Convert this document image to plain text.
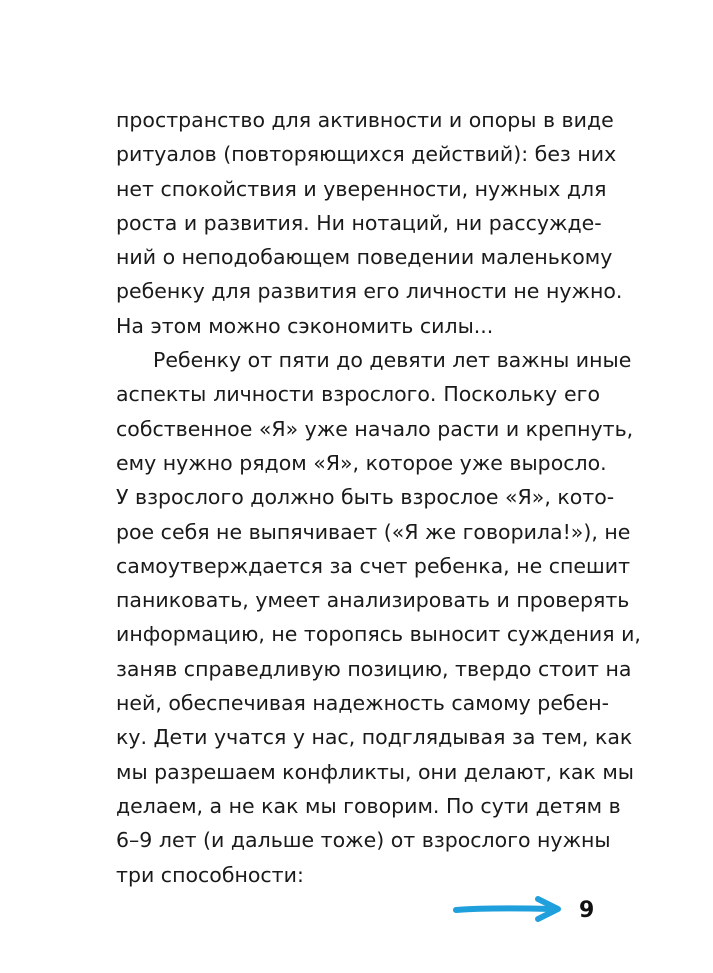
пространство для активности и опоры в виде
ритуалов (повторяющихся действий): без них
нет спокойствия и уверенности, нужных для
роста и развития. Ни нотаций, ни рассужде-
ний о неподобающем поведении маленькому
ребенку для развития его личности не нужно.
На этом можно сэкономить силы...
Ребенку от пяти до девяти лет важны иные
аспекты личности взрослого. Поскольку его
собственное «Я» уже начало расти и крепнуть,
ему нужно рядом «Я», которое уже выросло.
У взрослого должно быть взрослое «Я», кото-
рое себя не выпячивает («Я же говорила!»), не
самоутверждается за счет ребенка, не спешит
паниковать, умеет анализировать и проверять
информацию, не торопясь выносит суждения и,
заняв справедливую позицию, твердо стоит на
ней, обеспечивая надежность самому ребен-
ку. Дети учатся у нас, подглядывая за тем, как
мы разрешаем конфликты, они делают, как мы
делаем, а не как мы говорим. По сути детям в
6–9 лет (и дальше тоже) от взрослого нужны
три способности:
9
